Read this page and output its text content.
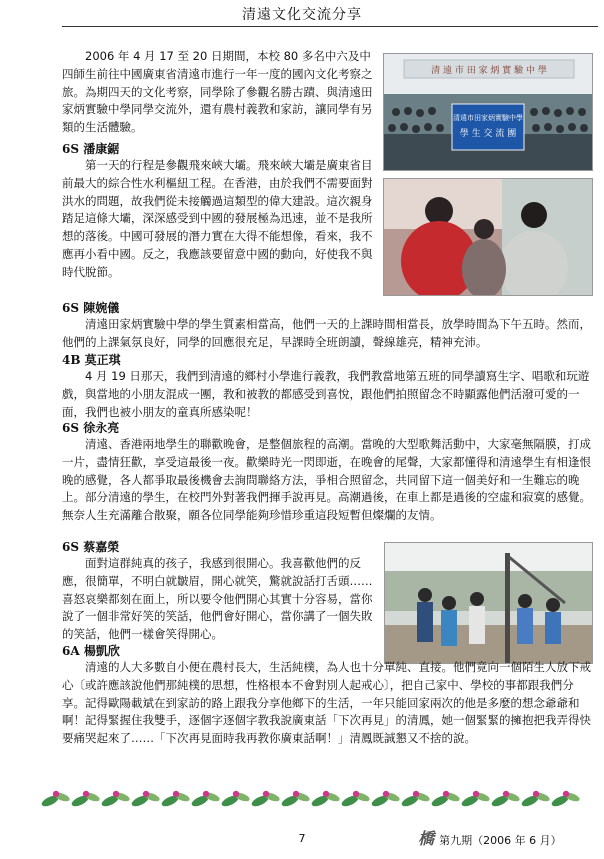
清遠文化交流分享
清 遠 市 田 家 炳 實 驗 中 學
清遠市田家炳實驗中學
學 生 交 流 團

2006 年 4 月 17 至 20 日期間，本校 80 多名中六及中四師生前往中國廣東省清遠市進行一年一度的國內文化考察之旅。為期四天的文化考察，同學除了參觀名勝古蹟、與清遠田家炳實驗中學同學交流外，還有農村義教和家訪，讓同學有另類的生活體驗。

6S 潘康鋸

第一天的行程是參觀飛來峽大壩。飛來峽大壩是廣東省目前最大的綜合性水利樞紐工程。在香港，由於我們不需要面對洪水的問題，故我們從未接觸過這類型的偉大建設。這次親身踏足這條大壩，深深感受到中國的發展極為迅速，並不是我所想的落後。中國可發展的潛力實在大得不能想像，看來，我不應再小看中國。反之，我應該要留意中國的動向，好使我不與時代脫節。

6S 陳婉儀

清遠田家炳實驗中學的學生質素相當高，他們一天的上課時間相當長，放學時間為下午五時。然而，他們的上課氣氛良好，同學的回應很充足，早課時全班朗讀，聲線雄亮，精神充沛。

4B 莫正琪

4 月 19 日那天，我們到清遠的鄉村小學進行義教，我們教當地第五班的同學讀寫生字、唱歌和玩遊戲，與當地的小朋友混成一團，教和被教的都感受到喜悅，跟他們拍照留念不時顯露他們活潑可愛的一面，我們也被小朋友的童真所感染呢！

6S 徐永亮

清遠、香港兩地學生的聯歡晚會，是整個旅程的高潮。當晚的大型歌舞活動中，大家毫無隔膜，打成一片，盡情狂歡，享受這最後一夜。歡樂時光一閃即逝，在晚會的尾聲，大家都懂得和清遠學生有相逢恨晚的感覺，各人都爭取最後機會去詢問聯絡方法，爭相合照留念，共同留下這一個美好和一生難忘的晚上。部分清遠的學生，在校門外對著我們揮手說再見。高潮過後，在車上都是過後的空虛和寂寞的感覺。無奈人生充滿離合散聚，願各位同學能夠珍惜珍重這段短暫但燦爛的友情。

6S 蔡嘉榮

面對這群純真的孩子，我感到很開心。我喜歡他們的反應，很簡單，不明白就皺眉，開心就笑，驚就說話打舌頭……喜怒哀樂都刻在面上，所以要令他們開心其實十分容易，當你說了一個非常好笑的笑話，他們會好開心，當你講了一個失敗的笑話，他們一樣會笑得開心。

6A 楊凱欣

清遠的人大多數自小便在農村長大，生活純樸，為人也十分單純、直接。他們竟向一個陌生人放下戒心〔或許應該說他們那純樸的思想，性格根本不會對別人起戒心〕，把自己家中、學校的事都跟我們分享。記得歐陽載斌在到家訪的路上跟我分享他鄉下的生活，一年只能回家兩次的他是多麼的想念爺爺和　　啊！記得緊握住我雙手，逐個字逐個字教我說廣東話「下次再見」的清鳳，她一個緊緊的擁抱把我弄得快要痛哭起來了……「下次再見面時我再教你廣東話啊！」清鳳既誠懇又不捨的說。

7	橋 第九期（2006 年 6 月）
